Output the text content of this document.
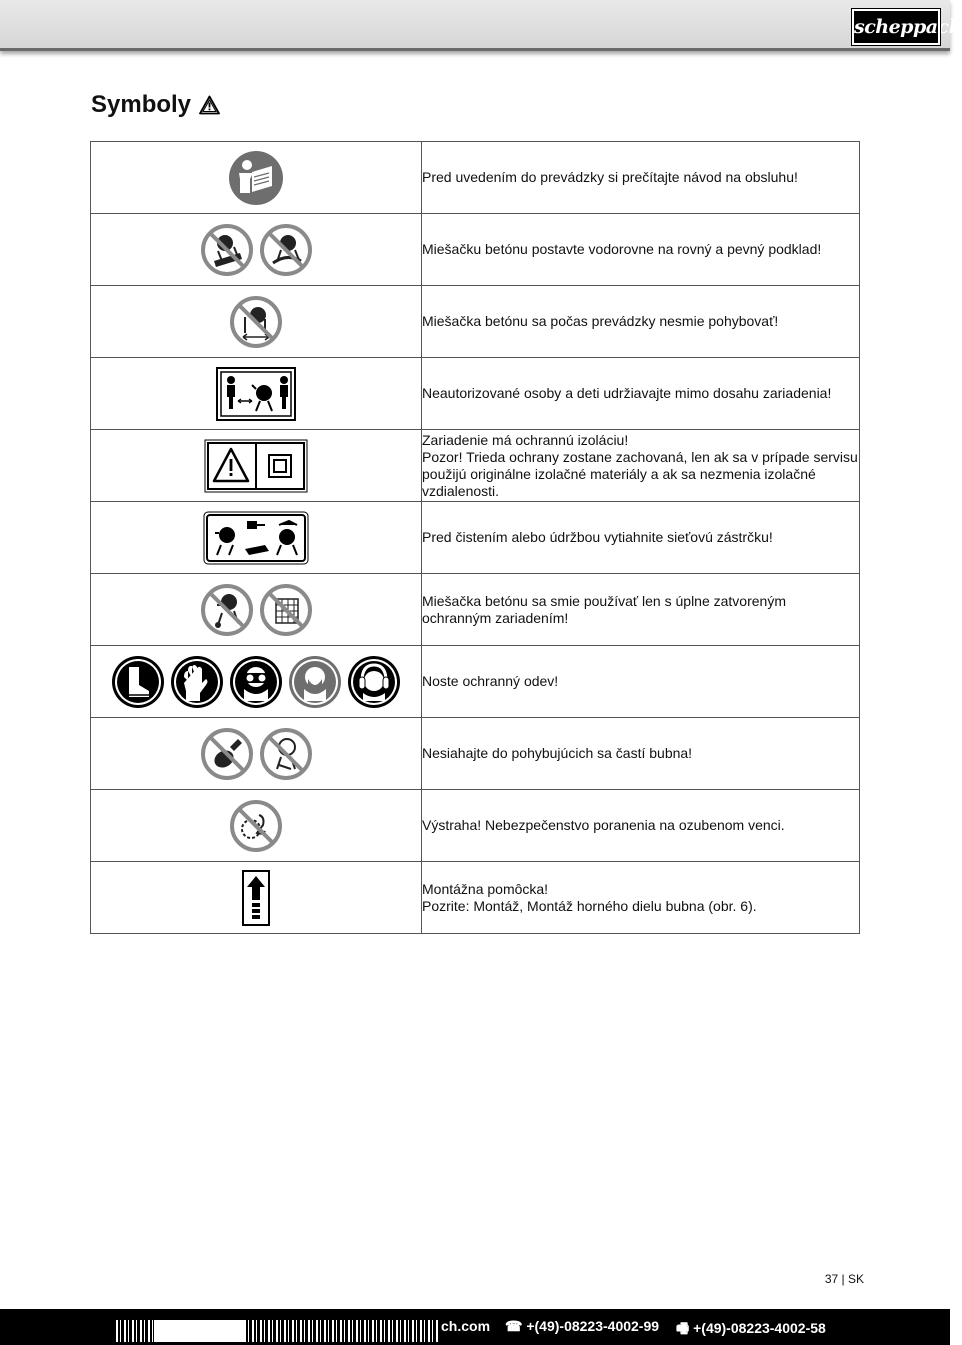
scheppach
Symboly

Pred uvedením do prevádzky si prečítajte návod na obsluhu!

Miešačku betónu postavte vodorovne na rovný a pevný podklad!

Miešačka betónu sa počas prevádzky nesmie pohybovať!

Neautorizované osoby a deti udržiavajte mimo dosahu zariadenia!

Zariadenie má ochrannú izoláciu!
Pozor! Trieda ochrany zostane zachovaná, len ak sa v prípade servisu použijú originálne izolačné materiály a ak sa nezmenia izolačné vzdialenosti.

Pred čistením alebo údržbou vytiahnite sieťovú zástrčku!

Miešačka betónu sa smie používať len s úplne zatvoreným ochranným zariadením!

Noste ochranný odev!

Nesiahajte do pohybujúcich sa častí bubna!

Výstraha! Nebezpečenstvo poranenia na ozubenom venci.

Montážna pomôcka!
Pozrite: Montáž, Montáž horného dielu bubna (obr. 6).
37 | SK
ch.com ☎ +(49)-08223-4002-99 🖷 +(49)-08223-4002-58
